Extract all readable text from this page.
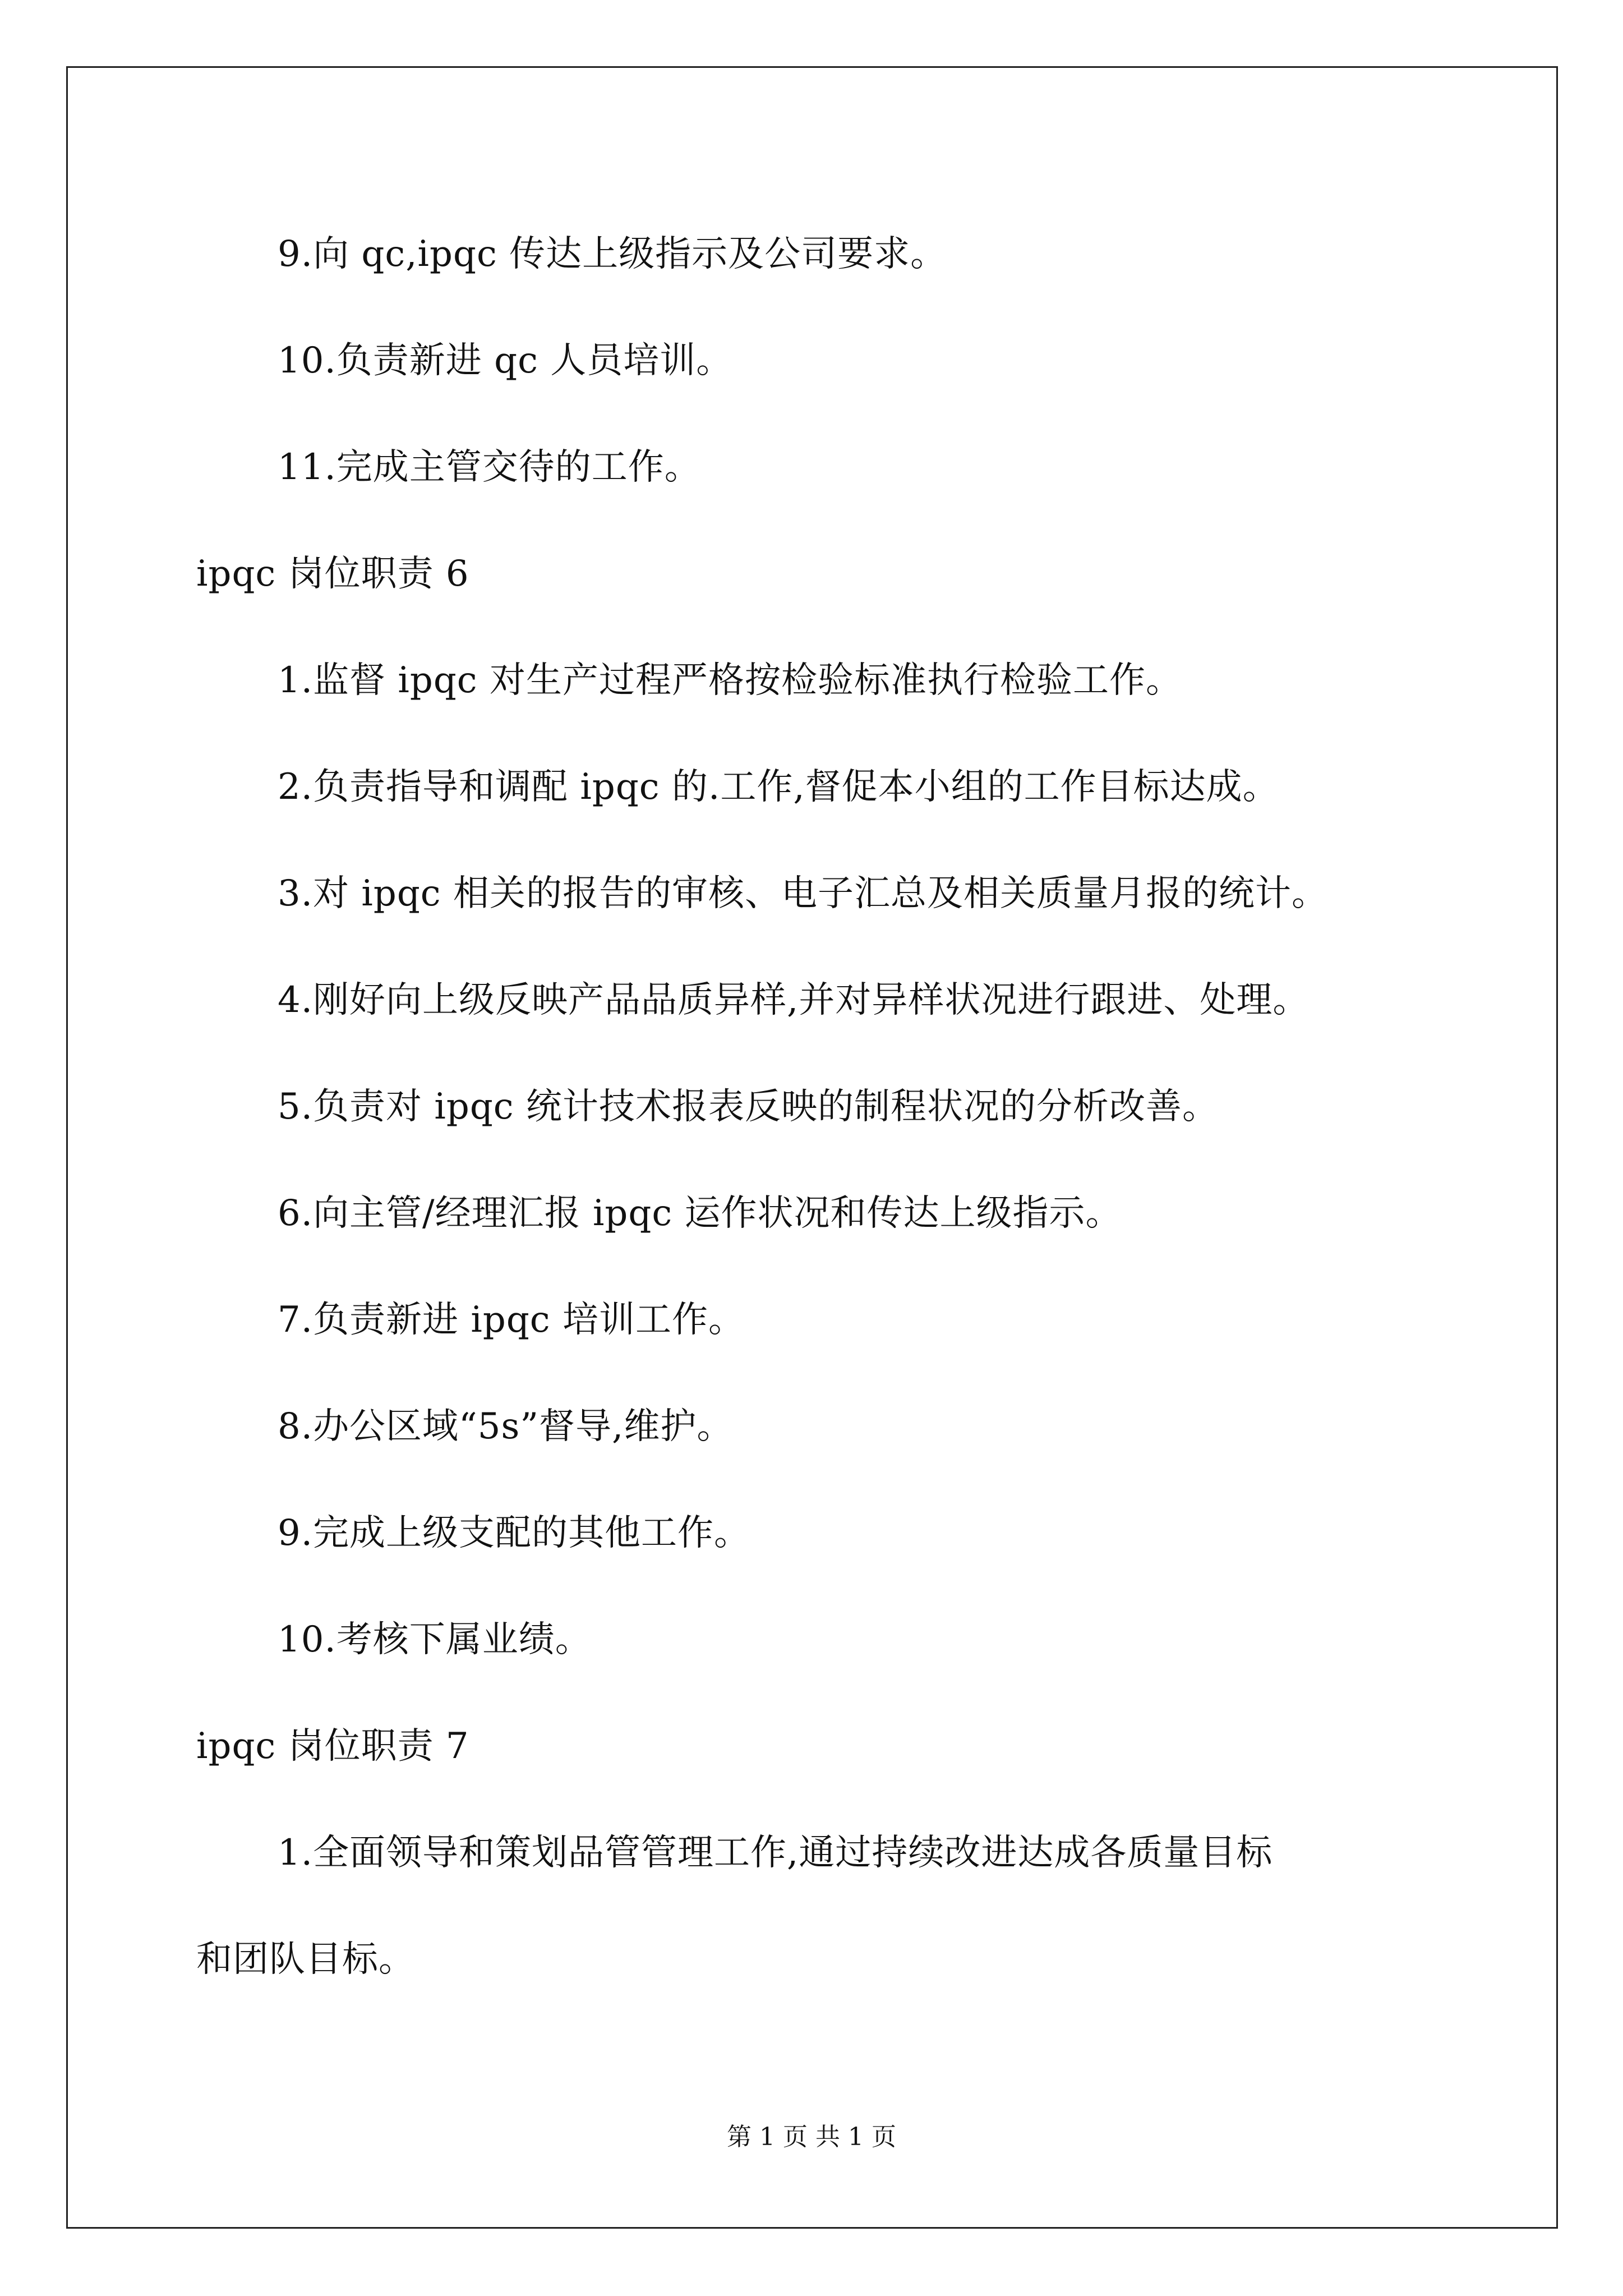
9.向 qc,ipqc 传达上级指示及公司要求。
10.负责新进 qc 人员培训。
11.完成主管交待的工作。
ipqc 岗位职责 6
1.监督 ipqc 对生产过程严格按检验标准执行检验工作。
2.负责指导和调配 ipqc 的.工作,督促本小组的工作目标达成。
3.对 ipqc 相关的报告的审核、电子汇总及相关质量月报的统计。
4.刚好向上级反映产品品质异样,并对异样状况进行跟进、处理。
5.负责对 ipqc 统计技术报表反映的制程状况的分析改善。
6.向主管/经理汇报 ipqc 运作状况和传达上级指示。
7.负责新进 ipqc 培训工作。
8.办公区域“5s”督导,维护。
9.完成上级支配的其他工作。
10.考核下属业绩。
ipqc 岗位职责 7
1.全面领导和策划品管管理工作,通过持续改进达成各质量目标
和团队目标。
第 1 页 共 1 页
